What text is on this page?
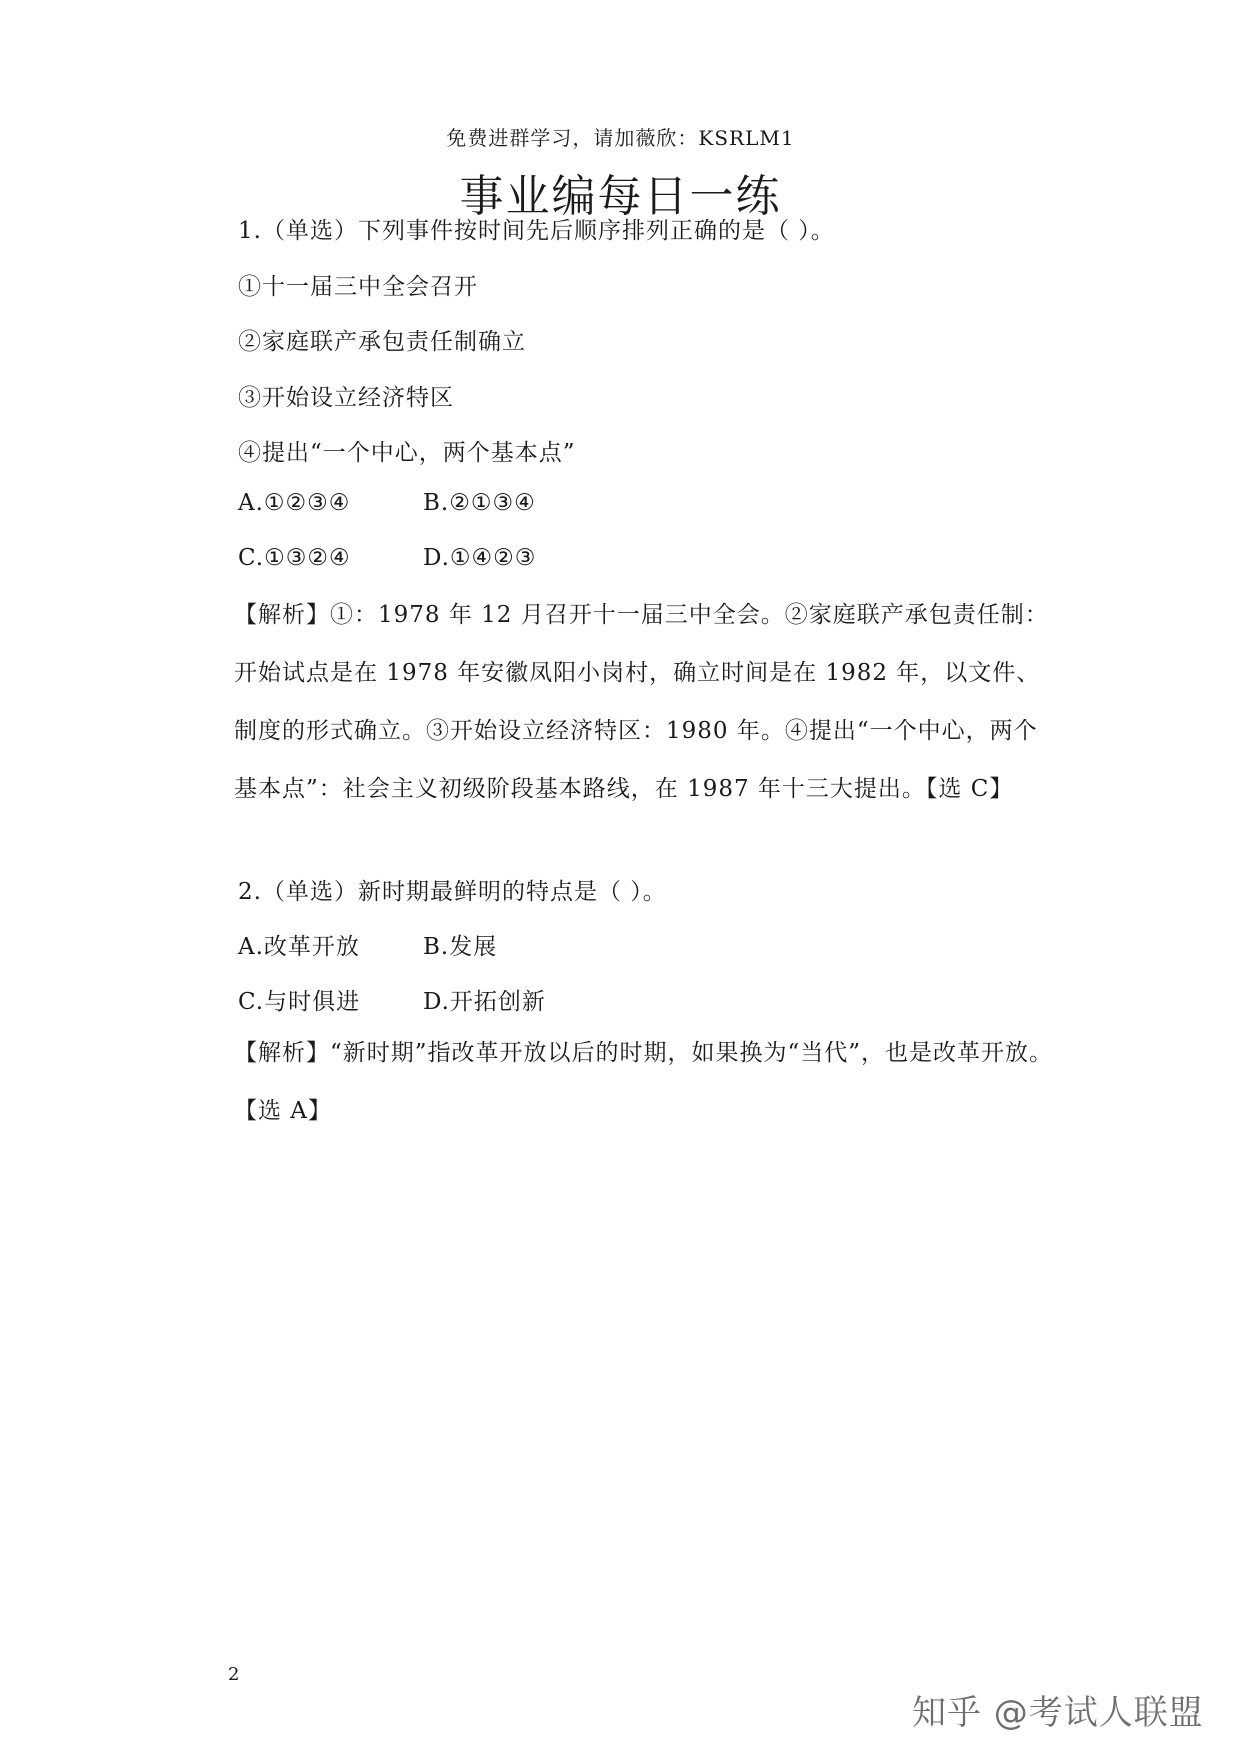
免费进群学习，请加薇欣：KSRLM1
事业编每日一练
1.（单选）下列事件按时间先后顺序排列正确的是（ ）。
①十一届三中全会召开
②家庭联产承包责任制确立
③开始设立经济特区
④提出“一个中心，两个基本点”
A.①②③④	B.②①③④
C.①③②④	D.①④②③
【解析】①：1978 年 12 月召开十一届三中全会。②家庭联产承包责任制：开始试点是在 1978 年安徽凤阳小岗村，确立时间是在 1982 年，以文件、制度的形式确立。③开始设立经济特区：1980 年。④提出“一个中心，两个基本点”：社会主义初级阶段基本路线，在 1987 年十三大提出。【选 C】
2.（单选）新时期最鲜明的特点是（ ）。
A.改革开放	B.发展
C.与时俱进	D.开拓创新
【解析】“新时期”指改革开放以后的时期，如果换为“当代”，也是改革开放。【选 A】
2
知乎 @考试人联盟
